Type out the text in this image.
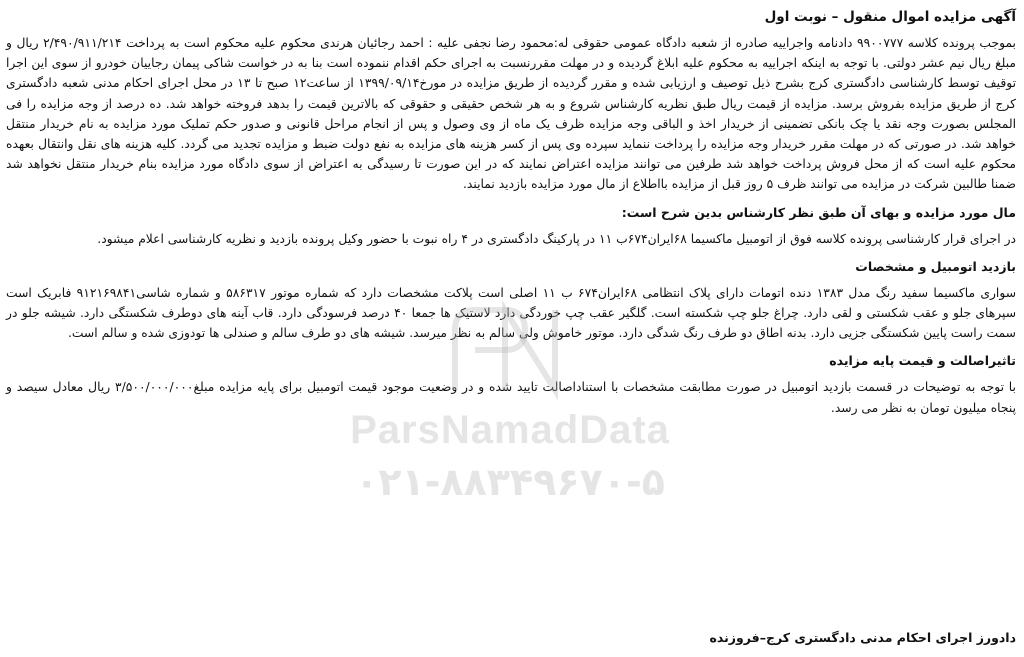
آگهی مزایده اموال منقول – نوبت اول

بموجب پرونده کلاسه ۹۹۰۰۷۷۷ دادنامه واجراییه صادره از شعبه دادگاه عمومی حقوقی له:محمود رضا نجفی علیه : احمد رجائیان هرندی محکوم علیه محکوم است به پرداخت ۲/۴۹۰/۹۱۱/۲۱۴ ریال و مبلغ ریال نیم عشر دولتی. با توجه به اینکه اجراییه به محکوم علیه ابلاغ گردیده و در مهلت مقررنسبت به اجرای حکم اقدام ننموده است بنا به در خواست شاکی پیمان رجاییان خودرو از سوی این اجرا توقیف توسط کارشناسی دادگستری کرج بشرح ذیل توصیف و ارزیابی شده و مقرر گردیده از طریق مزایده در مورخ۱۳۹۹/۰۹/۱۴ از ساعت۱۲ صبح تا ۱۳ در محل اجرای احکام مدنی شعبه دادگستری کرج از طریق مزایده بفروش برسد. مزایده از قیمت ریال طبق نظریه کارشناس شروع و به هر شخص حقیقی و حقوقی که بالاترین قیمت را بدهد فروخته خواهد شد. ده درصد از وجه مزایده را فی المجلس بصورت وجه نقد یا چک بانکی تضمینی از خریدار اخذ و الباقی وجه مزایده ظرف یک ماه از وی وصول و پس از انجام مراحل قانونی و صدور حکم تملیک مورد مزایده به نام خریدار منتقل خواهد شد. در صورتی که در مهلت مقرر خریدار وجه مزایده را پرداخت ننماید سپرده وی پس از کسر هزینه های مزایده به نفع دولت ضبط و مزایده تجدید می گردد. کلیه هزینه های نقل وانتقال بعهده محکوم علیه است که از محل فروش پرداخت خواهد شد طرفین می توانند مزایده اعتراض نمایند که در این صورت تا رسیدگی به اعتراض از سوی دادگاه مورد مزایده بنام خریدار منتقل نخواهد شد ضمنا طالبین شرکت در مزایده می توانند ظرف ۵ روز قبل از مزایده بااطلاع از مال مورد مزایده بازدید نمایند.

مال مورد مزایده و بهای آن طبق نظر کارشناس بدین شرح است:

در اجرای قرار کارشناسی پرونده کلاسه فوق از اتومبیل ماکسیما ۶۸ایران۶۷۴ب ۱۱ در پارکینگ دادگستری در ۴ راه نبوت با حضور وکیل پرونده بازدید و نظریه کارشناسی اعلام میشود.

بازدید اتومبیل و مشخصات

سواری ماکسیما سفید رنگ مدل ۱۳۸۳ دنده اتومات دارای پلاک انتظامی ۶۸ایران۶۷۴ ب ۱۱ اصلی است پلاکت مشخصات دارد که شماره موتور ۵۸۶۳۱۷ و شماره شاسی۹۱۲۱۶۹۸۴۱ فابریک است سپرهای جلو و عقب شکستی و لقی دارد. چراغ جلو چپ شکسته است. گلگیر عقب چپ خوردگی دارد لاستیک ها جمعا ۴۰ درصد فرسودگی دارد. قاب آینه های دوطرف شکستگی دارد. شیشه جلو در سمت راست پایین شکستگی جزیی دارد. بدنه اطاق دو طرف رنگ شدگی دارد. موتور خاموش ولی سالم به نظر میرسد. شیشه های دو طرف سالم و صندلی ها تودوزی شده و سالم است.

تاثیراصالت و قیمت پایه مزایده

با توجه به توضیحات در قسمت بازدید اتومبیل در صورت مطابقت مشخصات با استناداصالت تایید شده و در وضعیت موجود قیمت اتومبیل برای پایه مزایده مبلغ۳/۵۰۰/۰۰۰/۰۰۰ ریال معادل سیصد و پنجاه میلیون تومان به نظر می رسد.

دادورز اجرای احکام مدنی دادگستری کرج–فروزنده
ParsNamadData
۰۲۱-۸۸۳۴۹۶۷۰-۵
